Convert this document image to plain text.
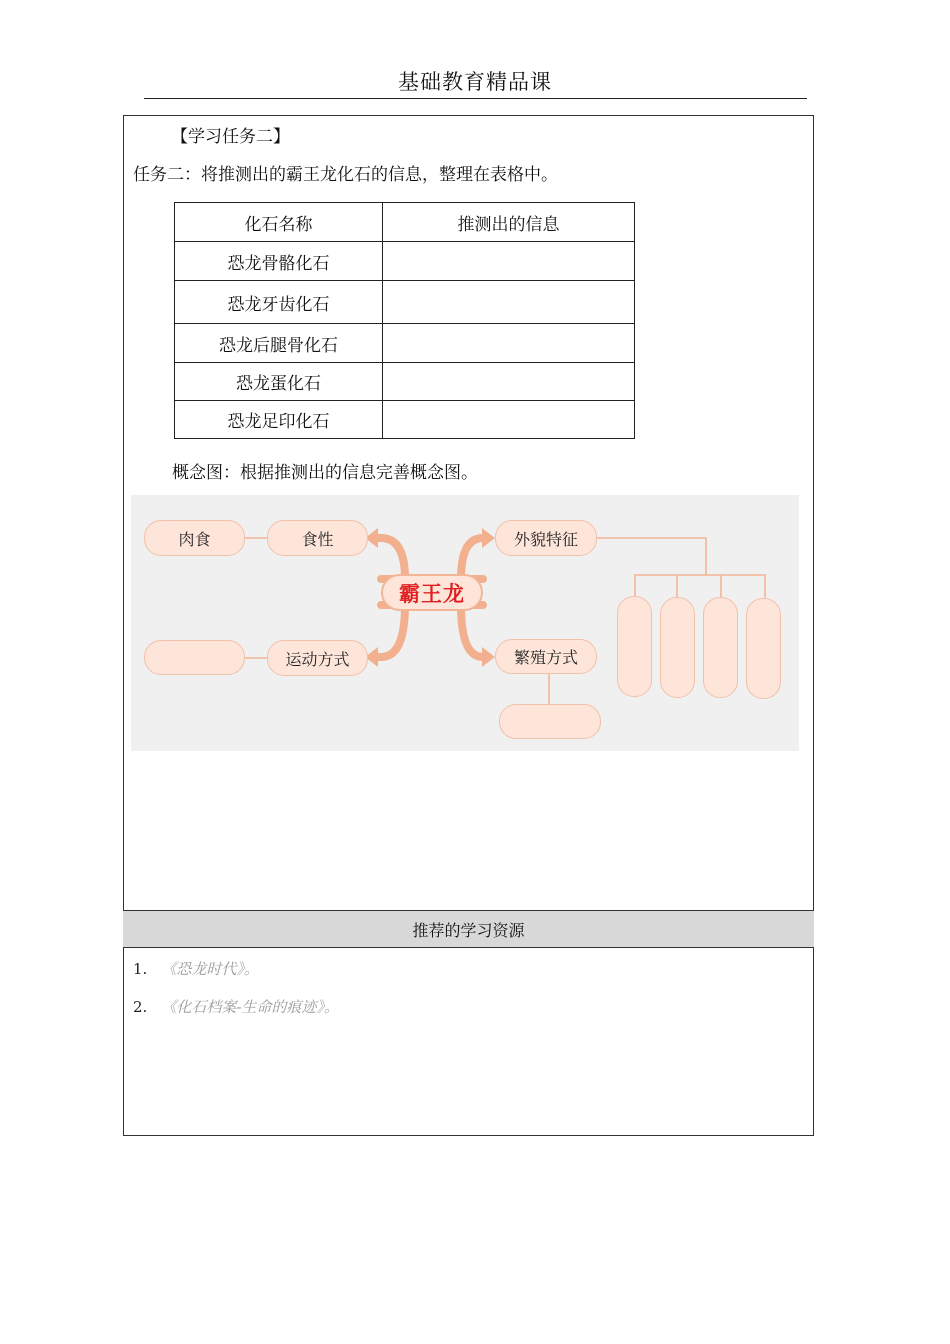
基础教育精品课
【学习任务二】
任务二：将推测出的霸王龙化石的信息，整理在表格中。
化石名称	推测出的信息
恐龙骨骼化石	
恐龙牙齿化石	
恐龙后腿骨化石	
恐龙蛋化石	
恐龙足印化石	
概念图：根据推测出的信息完善概念图。
肉食	食性
运动方式
霸王龙
外貌特征
繁殖方式
推荐的学习资源
1. 《恐龙时代》。
2. 《化石档案-生命的痕迹》。
